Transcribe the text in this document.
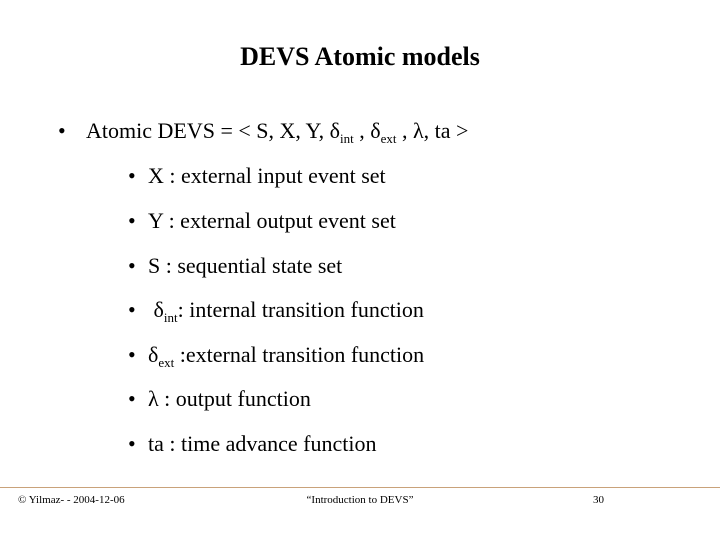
DEVS Atomic models
• Atomic DEVS = < S, X, Y, $\delta_{int}$ , $\delta_{ext}$ , λ, ta >
• X : external input event set
• Y : external output event set
• S : sequential state set
• $\delta_{int}$: internal transition function
• $\delta_{ext}$ :external transition function
• λ : output function
• ta : time advance function
© Yilmaz- - 2004-12-06	“Introduction to DEVS”	30
